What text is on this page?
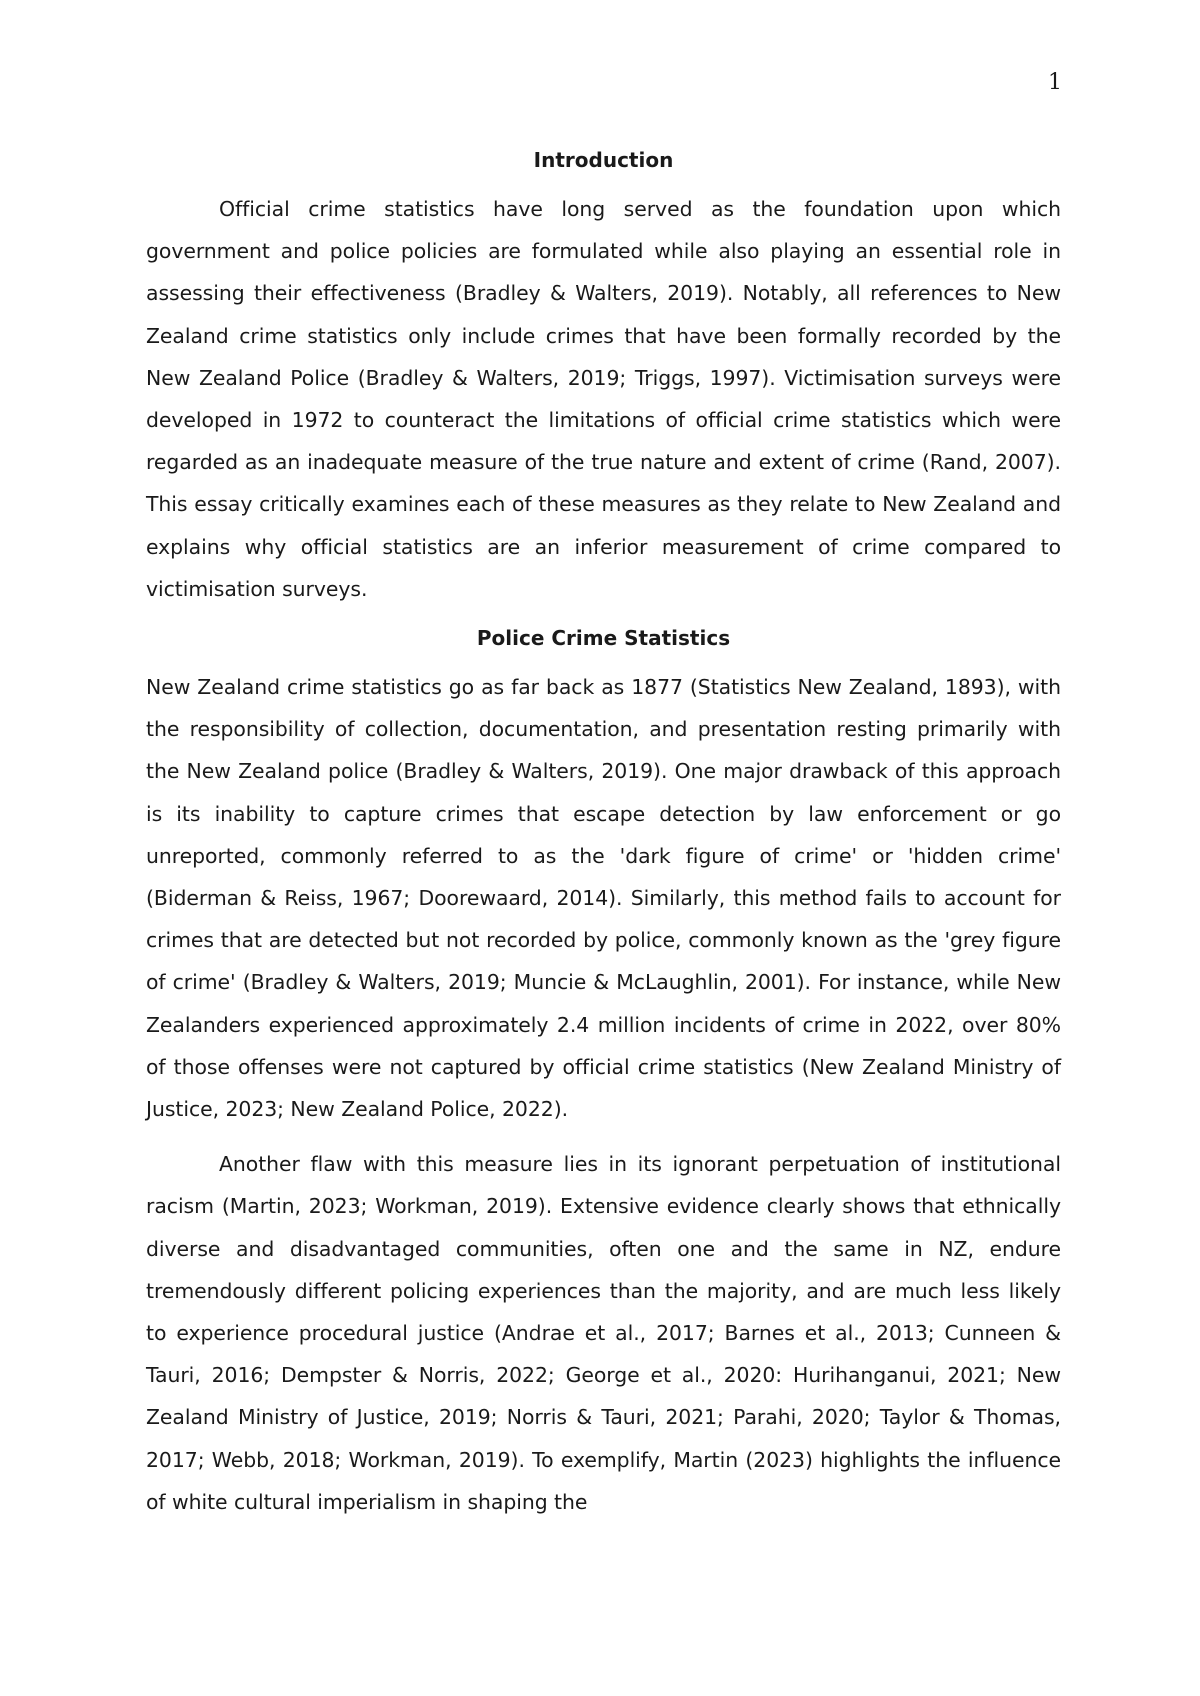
1
Introduction

Official crime statistics have long served as the foundation upon which government and police policies are formulated while also playing an essential role in assessing their effectiveness (Bradley & Walters, 2019). Notably, all references to New Zealand crime statistics only include crimes that have been formally recorded by the New Zealand Police (Bradley & Walters, 2019; Triggs, 1997). Victimisation surveys were developed in 1972 to counteract the limitations of official crime statistics which were regarded as an inadequate measure of the true nature and extent of crime (Rand, 2007). This essay critically examines each of these measures as they relate to New Zealand and explains why official statistics are an inferior measurement of crime compared to victimisation surveys.

Police Crime Statistics

New Zealand crime statistics go as far back as 1877 (Statistics New Zealand, 1893), with the responsibility of collection, documentation, and presentation resting primarily with the New Zealand police (Bradley & Walters, 2019). One major drawback of this approach is its inability to capture crimes that escape detection by law enforcement or go unreported, commonly referred to as the 'dark figure of crime' or 'hidden crime' (Biderman & Reiss, 1967; Doorewaard, 2014). Similarly, this method fails to account for crimes that are detected but not recorded by police, commonly known as the 'grey figure of crime' (Bradley & Walters, 2019; Muncie & McLaughlin, 2001). For instance, while New Zealanders experienced approximately 2.4 million incidents of crime in 2022, over 80% of those offenses were not captured by official crime statistics (New Zealand Ministry of Justice, 2023; New Zealand Police, 2022).

Another flaw with this measure lies in its ignorant perpetuation of institutional racism (Martin, 2023; Workman, 2019). Extensive evidence clearly shows that ethnically diverse and disadvantaged communities, often one and the same in NZ, endure tremendously different policing experiences than the majority, and are much less likely to experience procedural justice (Andrae et al., 2017; Barnes et al., 2013; Cunneen & Tauri, 2016; Dempster & Norris, 2022; George et al., 2020: Hurihanganui, 2021; New Zealand Ministry of Justice, 2019; Norris & Tauri, 2021; Parahi, 2020; Taylor & Thomas, 2017; Webb, 2018; Workman, 2019). To exemplify, Martin (2023) highlights the influence of white cultural imperialism in shaping the
